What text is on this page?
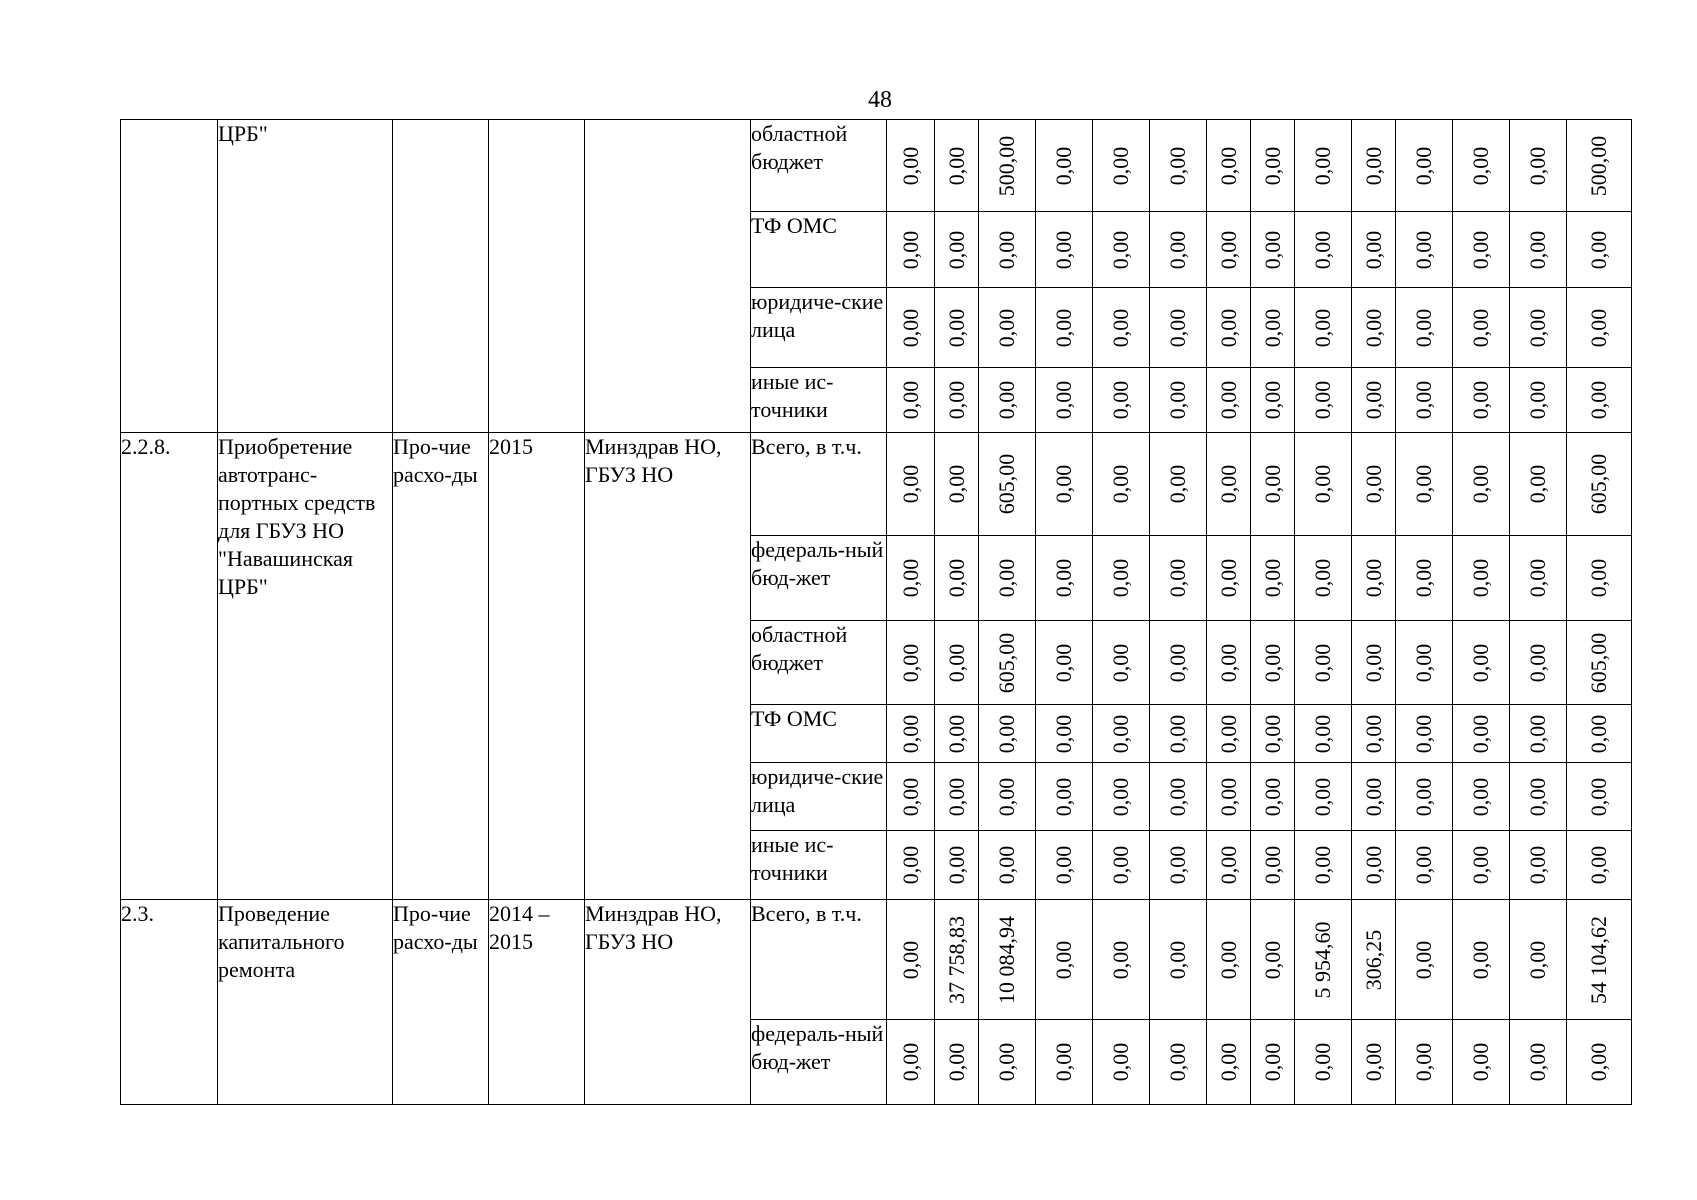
48
	ЦРБ"				областной бюджет	0,00	0,00	500,00	0,00	0,00	0,00	0,00	0,00	0,00	0,00	0,00	0,00	0,00	500,00

					ТФ ОМС	0,00	0,00	0,00	0,00	0,00	0,00	0,00	0,00	0,00	0,00	0,00	0,00	0,00	0,00

					юридиче-ские лица	0,00	0,00	0,00	0,00	0,00	0,00	0,00	0,00	0,00	0,00	0,00	0,00	0,00	0,00

					иные ис-точники	0,00	0,00	0,00	0,00	0,00	0,00	0,00	0,00	0,00	0,00	0,00	0,00	0,00	0,00

2.2.8.	Приобретение автотранс-портных средств для ГБУЗ НО "Навашинская ЦРБ"	Про-чие расхо-ды	2015	Минздрав НО, ГБУЗ НО	Всего, в т.ч.	0,00	0,00	605,00	0,00	0,00	0,00	0,00	0,00	0,00	0,00	0,00	0,00	0,00	605,00

					федераль-ный бюд-жет	0,00	0,00	0,00	0,00	0,00	0,00	0,00	0,00	0,00	0,00	0,00	0,00	0,00	0,00

					областной бюджет	0,00	0,00	605,00	0,00	0,00	0,00	0,00	0,00	0,00	0,00	0,00	0,00	0,00	605,00

					ТФ ОМС	0,00	0,00	0,00	0,00	0,00	0,00	0,00	0,00	0,00	0,00	0,00	0,00	0,00	0,00

					юридиче-ские лица	0,00	0,00	0,00	0,00	0,00	0,00	0,00	0,00	0,00	0,00	0,00	0,00	0,00	0,00

					иные ис-точники	0,00	0,00	0,00	0,00	0,00	0,00	0,00	0,00	0,00	0,00	0,00	0,00	0,00	0,00

2.3.	Проведение капитального ремонта	Про-чие расхо-ды	2014 – 2015	Минздрав НО, ГБУЗ НО	Всего, в т.ч.	0,00	37 758,83	10 084,94	0,00	0,00	0,00	0,00	0,00	5 954,60	306,25	0,00	0,00	0,00	54 104,62

					федераль-ный бюд-жет	0,00	0,00	0,00	0,00	0,00	0,00	0,00	0,00	0,00	0,00	0,00	0,00	0,00	0,00
